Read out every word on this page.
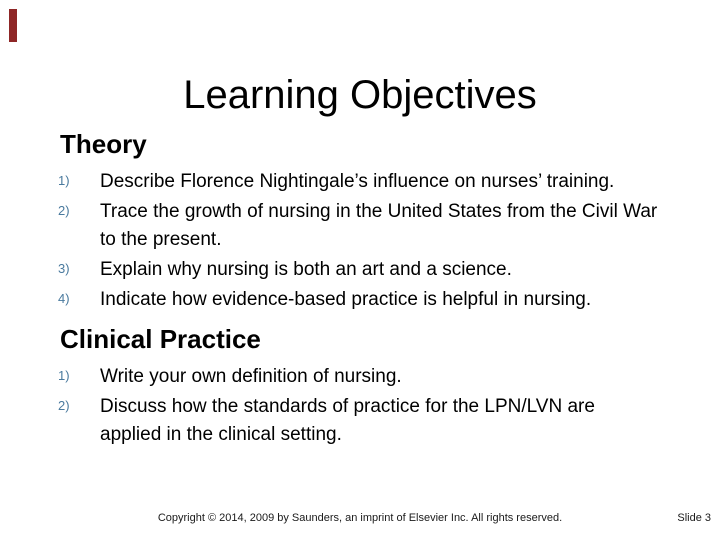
Learning Objectives
Theory
1)	Describe Florence Nightingale’s influence on nurses’ training.
2)	Trace the growth of nursing in the United States from the Civil War to the present.
3)	Explain why nursing is both an art and a science.
4)	Indicate how evidence-based practice is helpful in nursing.
Clinical Practice
1)	Write your own definition of nursing.
2)	Discuss how the standards of practice for the LPN/LVN are applied in the clinical setting.
Copyright © 2014, 2009 by Saunders, an imprint of Elsevier Inc. All rights reserved.	Slide 3
